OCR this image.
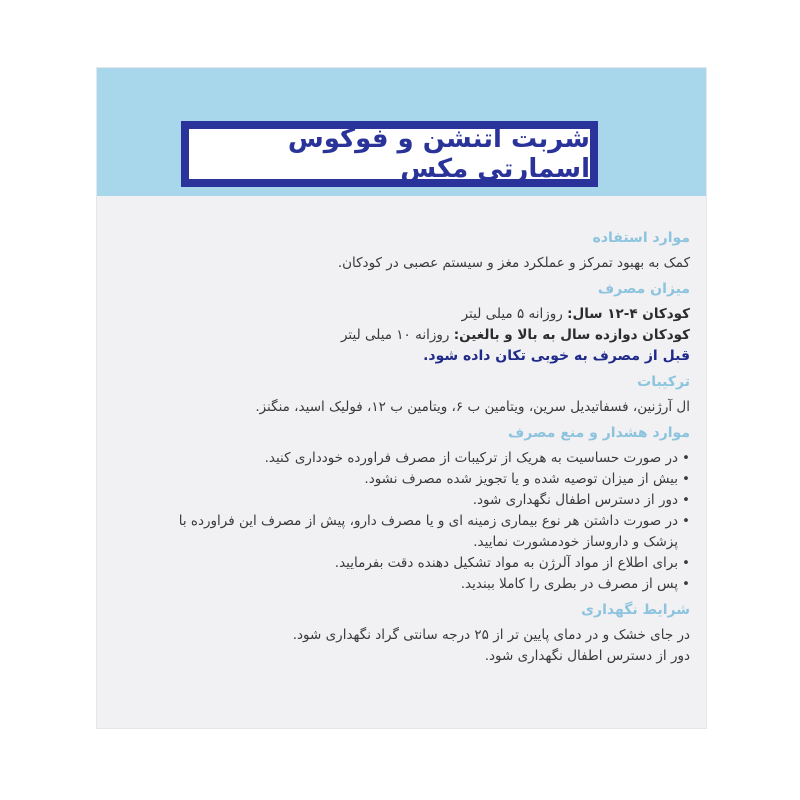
شربت اتنشن و فوکوس اسمارتی مکس
موارد استفاده
کمک به بهبود تمرکز و عملکرد مغز و سیستم عصبی در کودکان.
میزان مصرف
کودکان ۴-۱۲ سال: روزانه ۵ میلی لیتر
کودکان دوازده سال به بالا و بالغین: روزانه ۱۰ میلی لیتر
قبل از مصرف به خوبی تکان داده شود.
ترکیبات
ال آرژنین، فسفاتیدیل سرین، ویتامین ب ۶، ویتامین ب ۱۲، فولیک اسید، منگنز.
موارد هشدار و منع مصرف
• در صورت حساسیت به هریک از ترکیبات از مصرف فراورده خودداری کنید.
• بیش از میزان توصیه شده و یا تجویز شده مصرف نشود.
• دور از دسترس اطفال نگهداری شود.
• در صورت داشتن هر نوع بیماری زمینه ای و یا مصرف دارو، پیش از مصرف این فراورده با
پزشک و داروساز خودمشورت نمایید.
• برای اطلاع از مواد آلرژن به مواد تشکیل دهنده دقت بفرمایید.
• پس از مصرف در بطری را کاملا ببندید.
شرایط نگهداری
در جای خشک و در دمای پایین تر از ۲۵ درجه سانتی گراد نگهداری شود.
دور از دسترس اطفال نگهداری شود.
